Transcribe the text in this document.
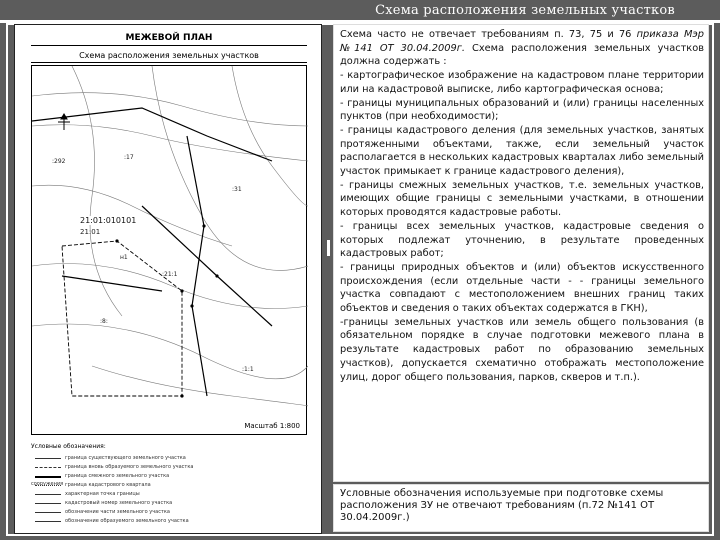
Схема расположения земельных участков
МЕЖЕВОЙ ПЛАН
Схема расположения земельных участков
:17
:21:1
:292
:31
:8:
н1
:1:1
21:01:010101
21:01
Масштаб 1:800
Условные обозначения:
граница существующего земельного участка
граница вновь образуемого земельного участка
граница смежного земельного участка
граница кадастрового квартала
характерная точка границы
кадастровый номер земельного участка
обозначение части земельного участка
обозначение образуемого земельного участка
сооружения

Схема часто не отвечает требованиям п. 73, 75 и 76 приказа Мэр №141 ОТ 30.04.2009г. Схема расположения земельных участков должна содержать :

- картографическое изображение на кадастровом плане территории или на кадастровой выписке, либо картографическая основа;

- границы муниципальных образований и (или) границы населенных пунктов (при необходимости);

- границы кадастрового деления (для земельных участков, занятых протяженными объектами, также, если земельный участок располагается в нескольких кадастровых кварталах либо земельный участок примыкает к границе кадастрового деления),

- границы смежных земельных участков, т.е. земельных участков, имеющих общие границы с земельными участками, в отношении которых проводятся кадастровые работы.

- границы всех земельных участков, кадастровые сведения о которых подлежат уточнению, в результате проведенных кадастровых работ;

- границы природных объектов и (или) объектов искусственного происхождения (если отдельные части - - границы земельного участка совпадают с местоположением внешних границ таких объектов и сведения о таких объектах содержатся в ГКН),

-границы земельных участков или земель общего пользования (в обязательном порядке в случае подготовки межевого плана в результате кадастровых работ по образованию земельных участков), допускается схематично отображать местоположение улиц, дорог общего пользования, парков, скверов и т.п.).

Условные обозначения используемые при подготовке схемы расположения ЗУ не отвечают требованиям (п.72 №141 ОТ 30.04.2009г.)
